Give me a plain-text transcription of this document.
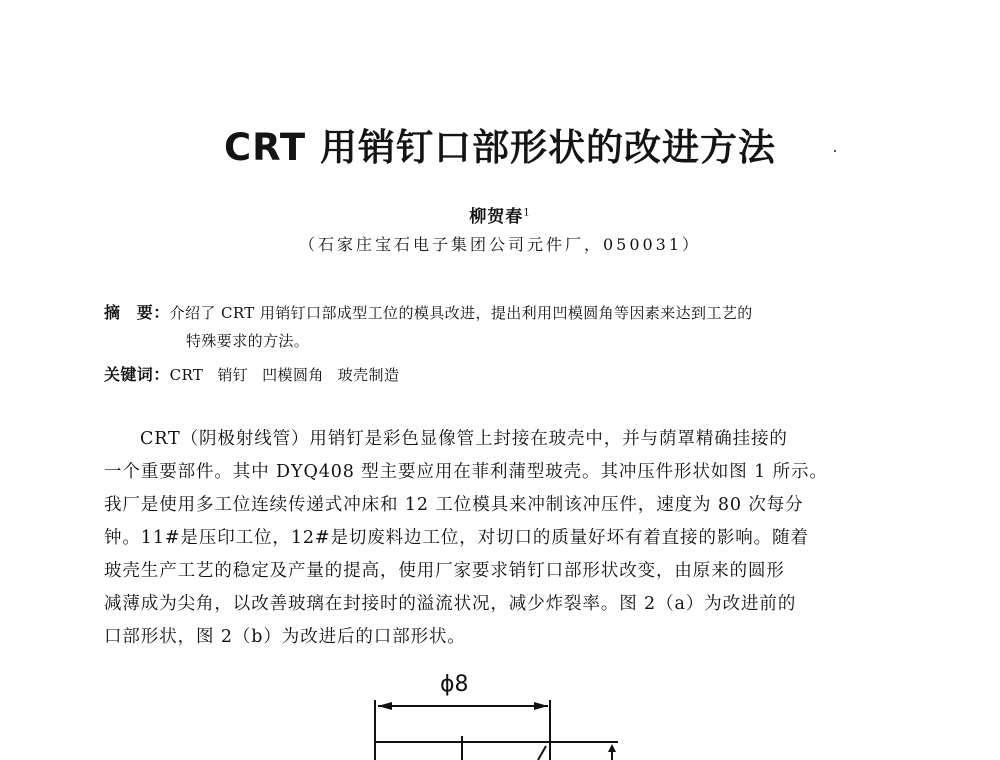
CRT 用销钉口部形状的改进方法
柳贺春$^1$
（石家庄宝石电子集团公司元件厂，050031）
摘　要：介绍了 CRT 用销钉口部成型工位的模具改进，提出利用凹模圆角等因素来达到工艺的
特殊要求的方法。
关键词：CRT 销钉 凹模圆角 玻壳制造
CRT（阴极射线管）用销钉是彩色显像管上封接在玻壳中，并与荫罩精确挂接的
一个重要部件。其中 DYQ408 型主要应用在菲利蒲型玻壳。其冲压件形状如图 1 所示。
我厂是使用多工位连续传递式冲床和 12 工位模具来冲制该冲压件，速度为 80 次每分
钟。11#是压印工位，12#是切废料边工位，对切口的质量好坏有着直接的影响。随着
玻壳生产工艺的稳定及产量的提高，使用厂家要求销钉口部形状改变，由原来的圆形
减薄成为尖角，以改善玻璃在封接时的溢流状况，减少炸裂率。图 2（a）为改进前的
口部形状，图 2（b）为改进后的口部形状。
ϕ8
